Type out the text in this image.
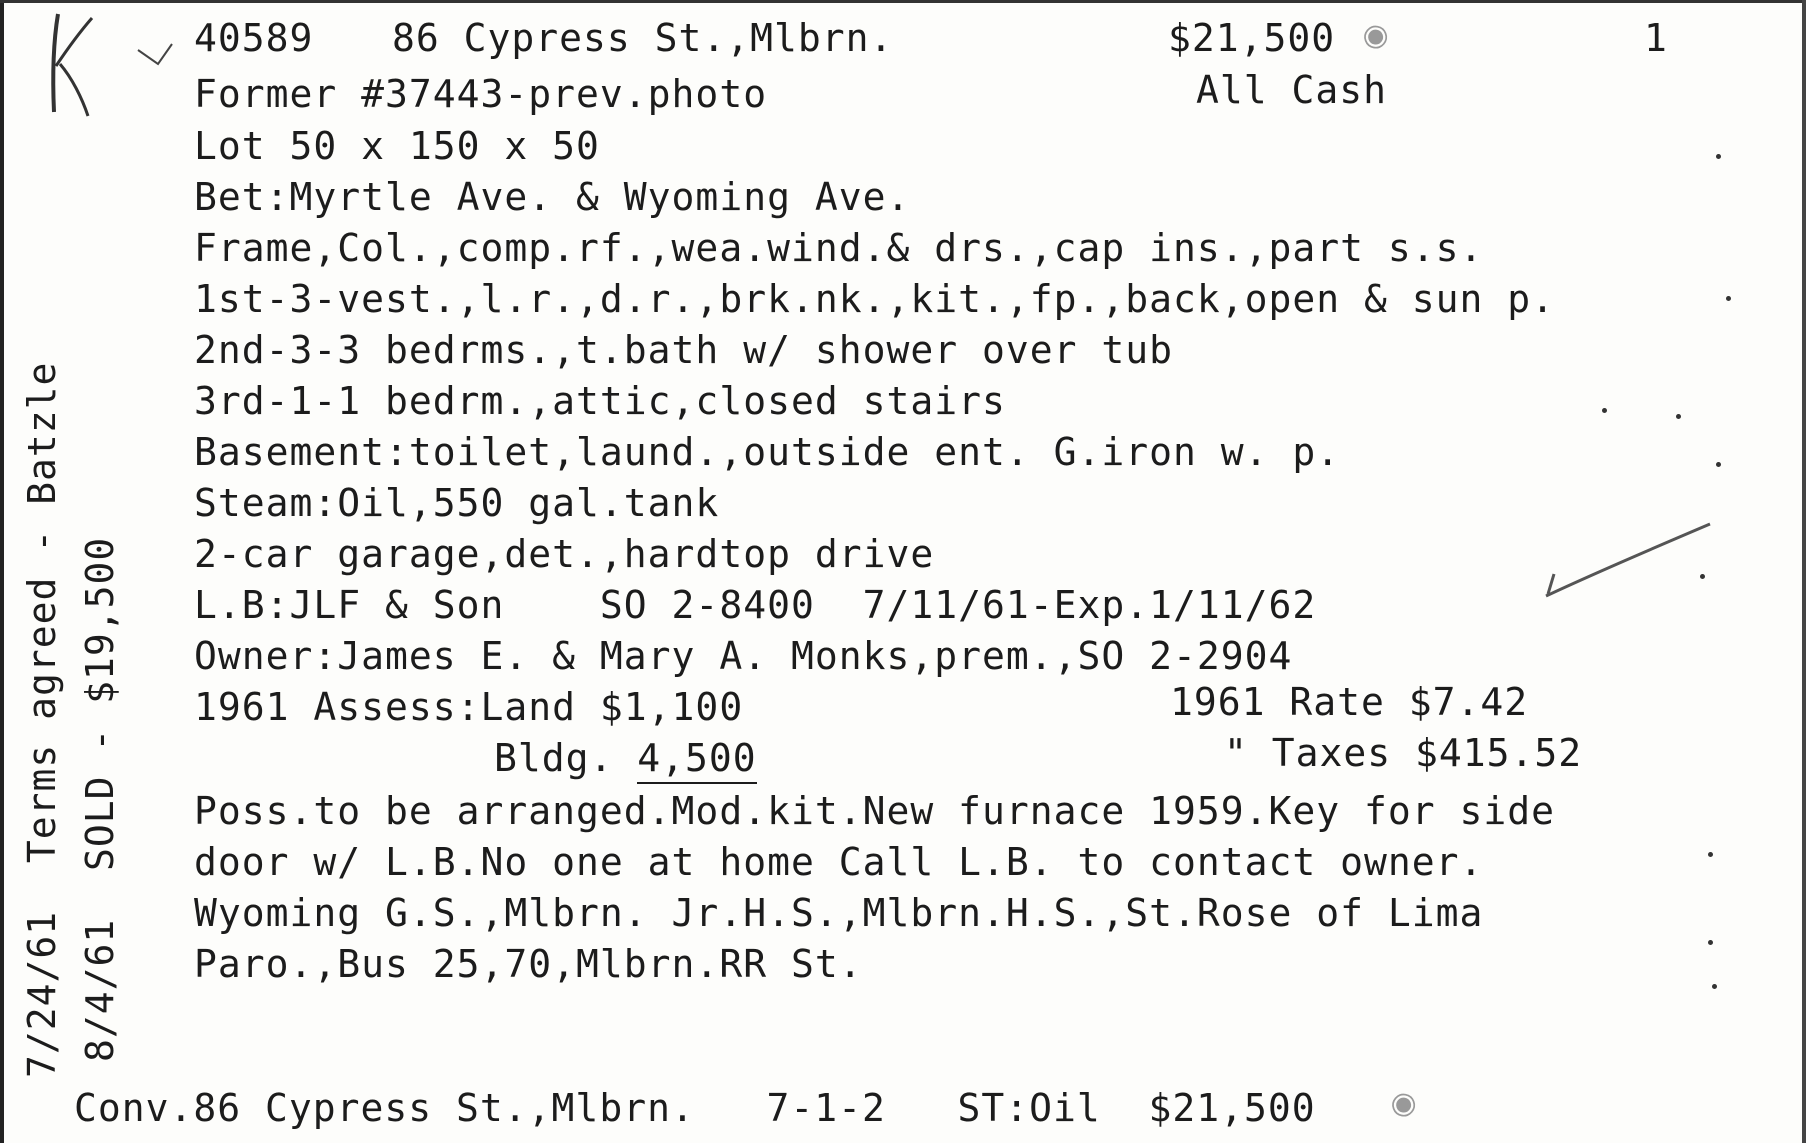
40589 86 Cypress St.,Mlbrn.	$21,500 ◉	1
Former #37443-prev.photo	All Cash
Lot 50 x 150 x 50
Bet:Myrtle Ave. & Wyoming Ave.
Frame,Col.,comp.rf.,wea.wind.& drs.,cap ins.,part s.s.
1st-3-vest.,l.r.,d.r.,brk.nk.,kit.,fp.,back,open & sun p.
2nd-3-3 bedrms.,t.bath w/ shower over tub
3rd-1-1 bedrm.,attic,closed stairs
Basement:toilet,laund.,outside ent. G.iron w. p.
Steam:Oil,550 gal.tank
2-car garage,det.,hardtop drive
L.B:JLF & Son    SO 2-8400  7/11/61-Exp.1/11/62
Owner:James E. & Mary A. Monks,prem.,SO 2-2904
1961 Assess:Land $1,100	1961 Rate $7.42
Bldg. 4,500	" Taxes $415.52
Poss.to be arranged.Mod.kit.New furnace 1959.Key for side
door w/ L.B.No one at home Call L.B. to contact owner.
Wyoming G.S.,Mlbrn. Jr.H.S.,Mlbrn.H.S.,St.Rose of Lima
Paro.,Bus 25,70,Mlbrn.RR St.
Conv.86 Cypress St.,Mlbrn.   7-1-2   ST:Oil  $21,500 ◉
7/24/61  Terms agreed - Batzle 8/4/61  SOLD - $19,500
